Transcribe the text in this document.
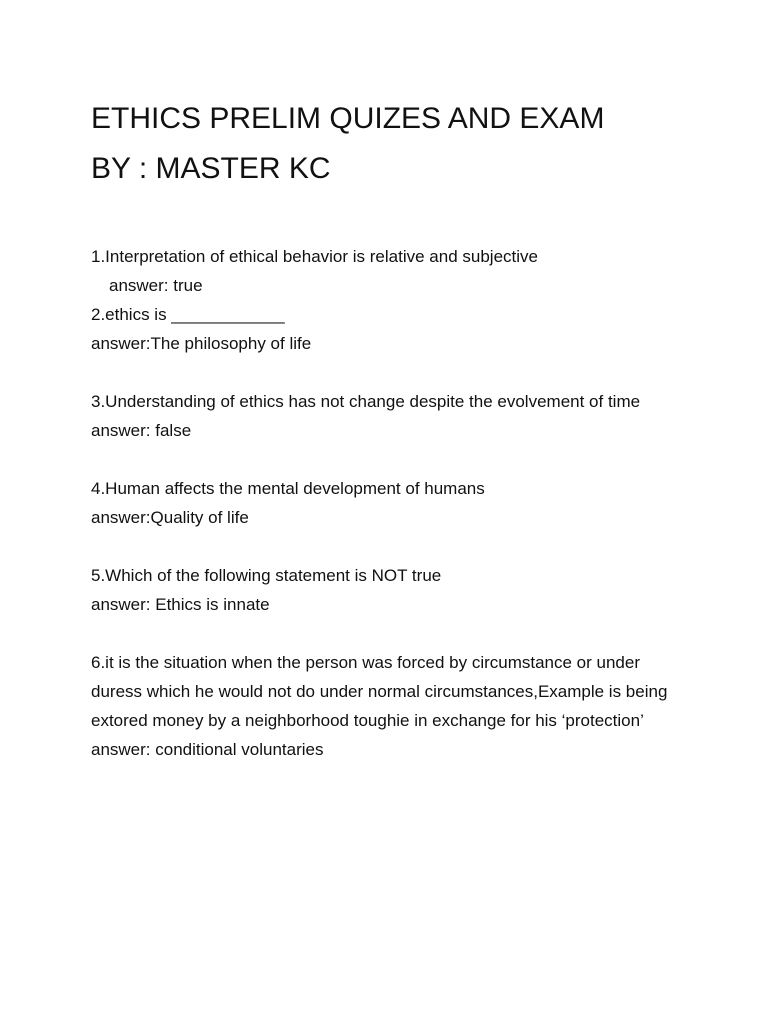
ETHICS PRELIM QUIZES AND EXAM
BY : MASTER KC
1.Interpretation of ethical behavior is relative and subjective
answer: true
2.ethics is ____________
answer:The philosophy of life
3.Understanding of ethics has not change despite the evolvement of time
answer: false
4.Human affects the mental development of humans
answer:Quality of life
5.Which of the following statement is NOT true
answer: Ethics is innate
6.it is the situation when the person was forced by circumstance or under duress which he would not do under normal circumstances,Example is being extored money by a neighborhood toughie in exchange for his ‘protection’
answer: conditional voluntaries
